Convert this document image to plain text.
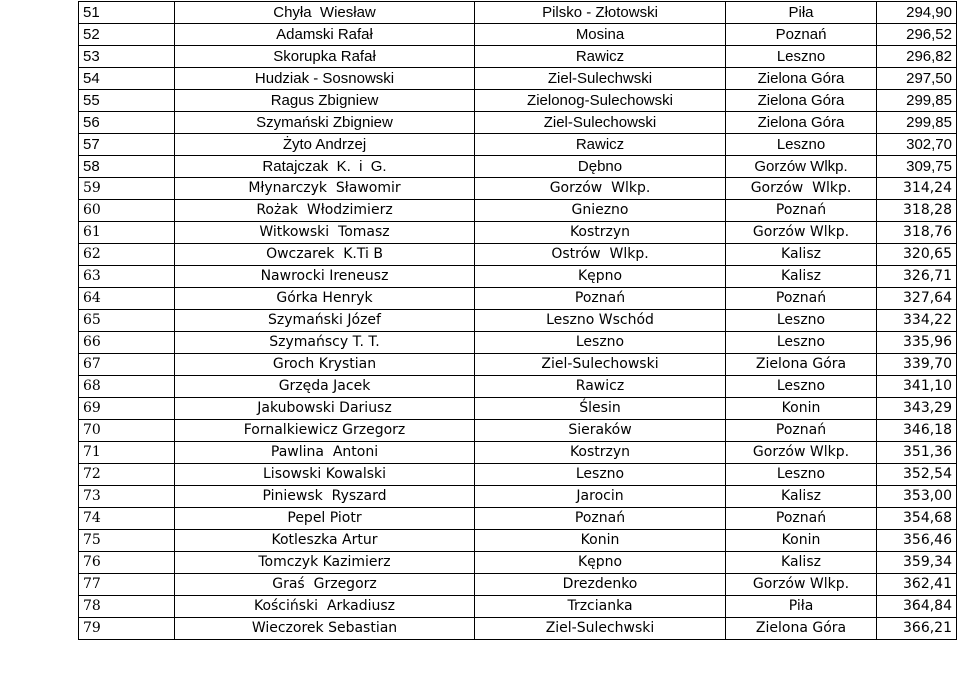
51	Chyła  Wiesław	Pilsko - Złotowski	Piła	294,90
52	Adamski Rafał	Mosina	Poznań	296,52
53	Skorupka Rafał	Rawicz	Leszno	296,82
54	Hudziak - Sosnowski	Ziel-Sulechwski	Zielona Góra	297,50
55	Ragus Zbigniew	Zielonog-Sulechowski	Zielona Góra	299,85
56	Szymański Zbigniew	Ziel-Sulechowski	Zielona Góra	299,85
57	Żyto Andrzej	Rawicz	Leszno	302,70
58	Ratajczak  K.  i  G.	Dębno	Gorzów Wlkp.	309,75
59	Młynarczyk  Sławomir	Gorzów  Wlkp.	Gorzów  Wlkp.	314,24
60	Rożak  Włodzimierz	Gniezno	Poznań	318,28
61	Witkowski  Tomasz	Kostrzyn	Gorzów Wlkp.	318,76
62	Owczarek  K.Ti B	Ostrów  Wlkp.	Kalisz	320,65
63	Nawrocki Ireneusz	Kępno	Kalisz	326,71
64	Górka Henryk	Poznań	Poznań	327,64
65	Szymański Józef	Leszno Wschód	Leszno	334,22
66	Szymańscy T. T.	Leszno	Leszno	335,96
67	Groch Krystian	Ziel-Sulechowski	Zielona Góra	339,70
68	Grzęda Jacek	Rawicz	Leszno	341,10
69	Jakubowski Dariusz	Ślesin	Konin	343,29
70	Fornalkiewicz Grzegorz	Sieraków	Poznań	346,18
71	Pawlina  Antoni	Kostrzyn	Gorzów Wlkp.	351,36
72	Lisowski Kowalski	Leszno	Leszno	352,54
73	Piniewsk  Ryszard	Jarocin	Kalisz	353,00
74	Pepel Piotr	Poznań	Poznań	354,68
75	Kotleszka Artur	Konin	Konin	356,46
76	Tomczyk Kazimierz	Kępno	Kalisz	359,34
77	Graś  Grzegorz	Drezdenko	Gorzów Wlkp.	362,41
78	Kościński  Arkadiusz	Trzcianka	Piła	364,84
79	Wieczorek Sebastian	Ziel-Sulechwski	Zielona Góra	366,21
